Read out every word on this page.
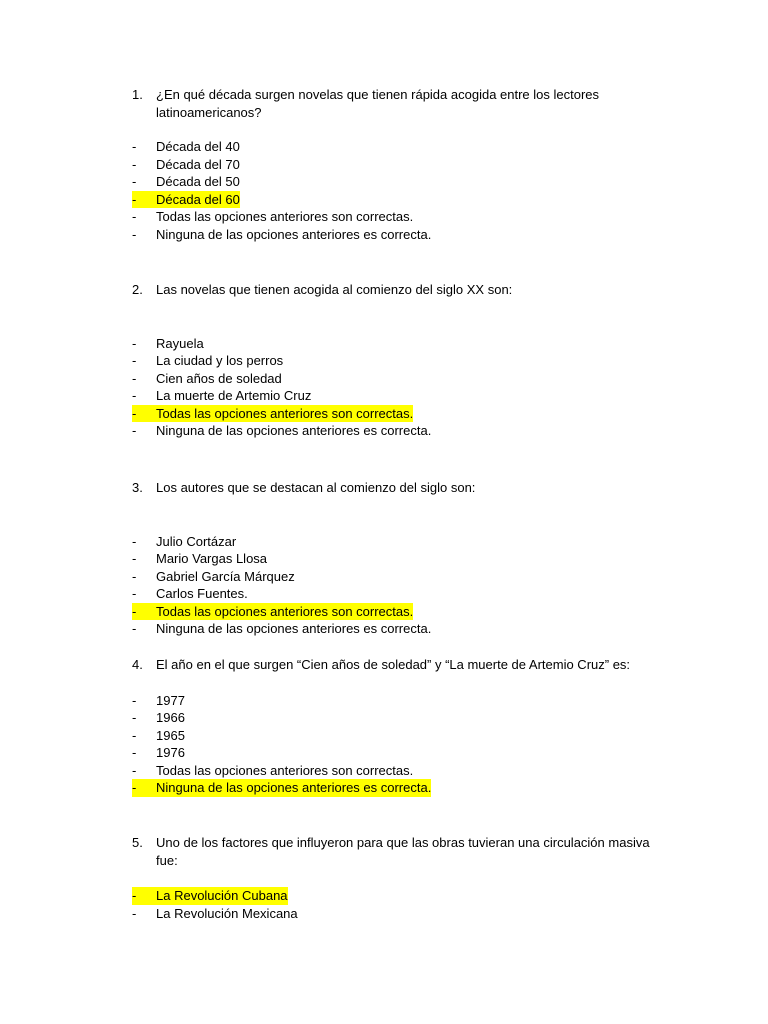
1. ¿En qué década surgen novelas que tienen rápida acogida entre los lectores latinoamericanos?
- Década del 40
- Década del 70
- Década del 50
-	Década del 60
- Todas las opciones anteriores son correctas.
- Ninguna de las opciones anteriores es correcta.
2. Las novelas que tienen acogida al comienzo del siglo XX son:
- Rayuela
- La ciudad y los perros
- Cien años de soledad
- La muerte de Artemio Cruz
-	Todas las opciones anteriores son correctas.
- Ninguna de las opciones anteriores es correcta.
3. Los autores que se destacan al comienzo del siglo son:
- Julio Cortázar
- Mario Vargas Llosa
- Gabriel García Márquez
- Carlos Fuentes.
-	Todas las opciones anteriores son correctas.
- Ninguna de las opciones anteriores es correcta.
4. El año en el que surgen “Cien años de soledad” y “La muerte de Artemio Cruz” es:
- 1977
- 1966
- 1965
- 1976
- Todas las opciones anteriores son correctas.
-	Ninguna de las opciones anteriores es correcta.
5. Uno de los factores que influyeron para que las obras tuvieran una circulación masiva fue:
-	La Revolución Cubana
- La Revolución Mexicana
